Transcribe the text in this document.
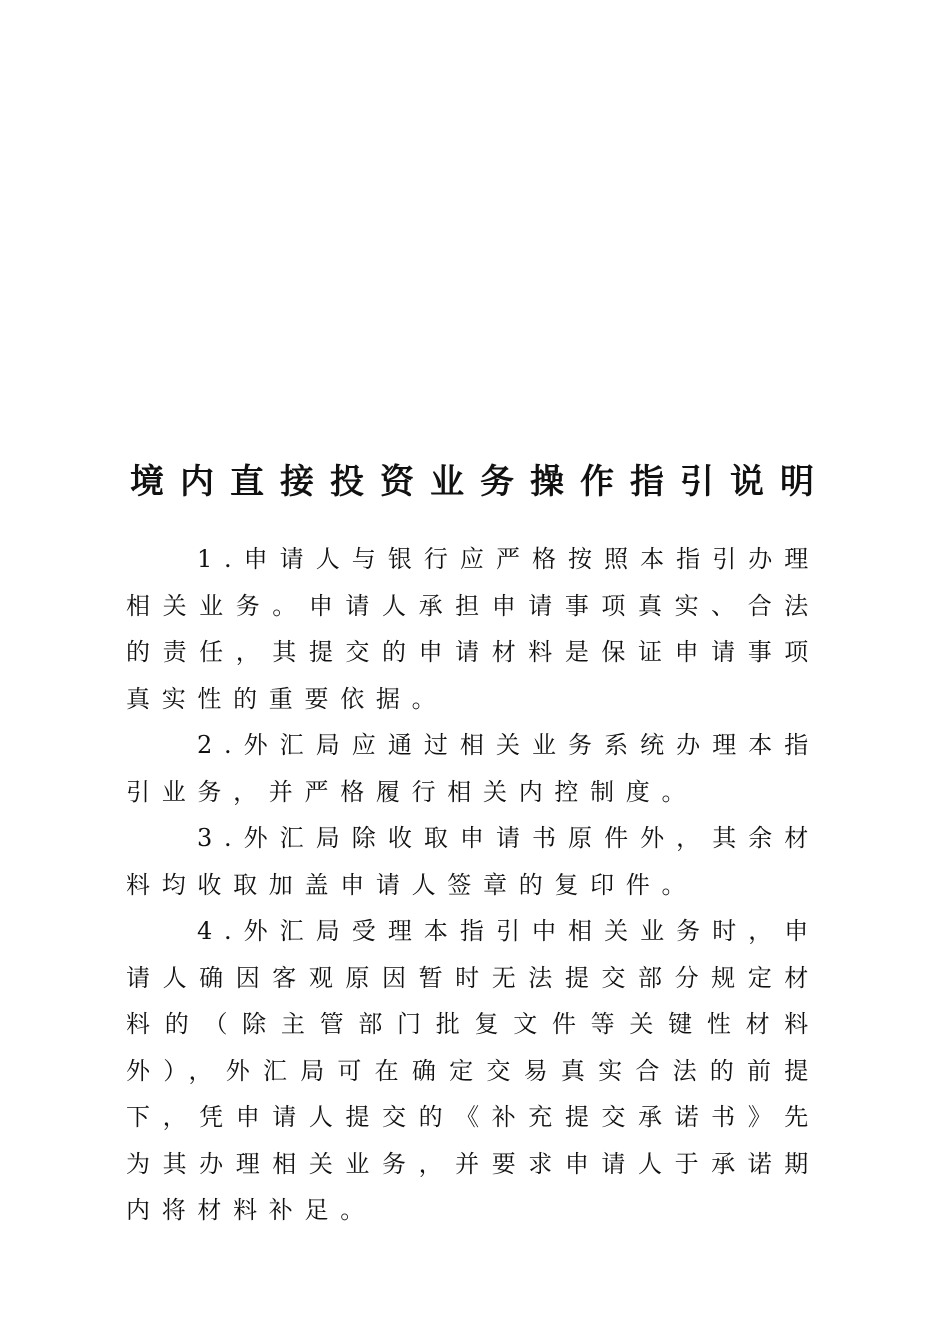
境内直接投资业务操作指引说明

1.申请人与银行应严格按照本指引办理相关业务。申请人承担申请事项真实、合法的责任，其提交的申请材料是保证申请事项真实性的重要依据。

2.外汇局应通过相关业务系统办理本指引业务，并严格履行相关内控制度。

3.外汇局除收取申请书原件外，其余材料均收取加盖申请人签章的复印件。

4.外汇局受理本指引中相关业务时，申请人确因客观原因暂时无法提交部分规定材料的（除主管部门批复文件等关键性材料外），外汇局可在确定交易真实合法的前提下，凭申请人提交的《补充提交承诺书》先为其办理相关业务，并要求申请人于承诺期内将材料补足。
